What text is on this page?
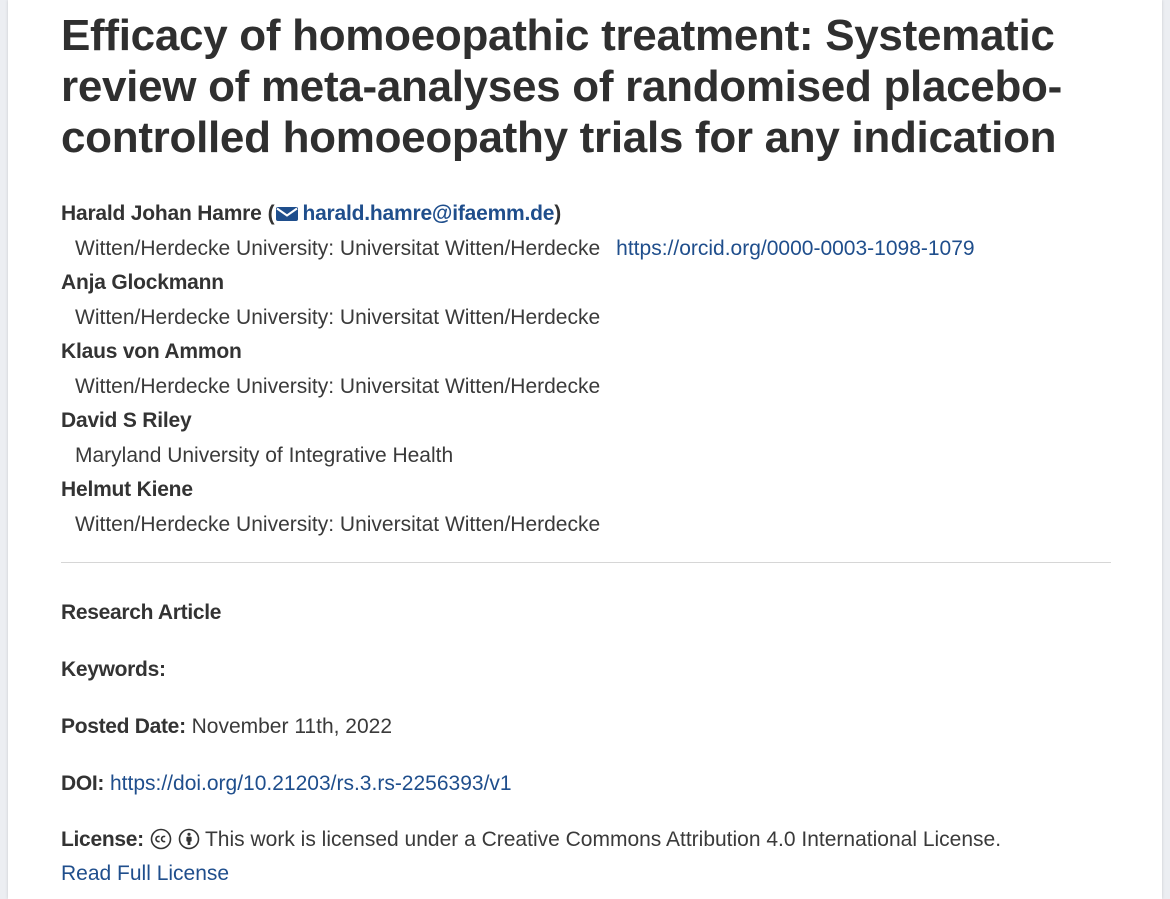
Efficacy of homoeopathic treatment: Systematic review of meta-analyses of randomised placebo-controlled homoeopathy trials for any indication
Harald Johan Hamre ( harald.hamre@ifaemm.de)
Witten/Herdecke University: Universitat Witten/Herdecke https://orcid.org/0000-0003-1098-1079
Anja Glockmann
Witten/Herdecke University: Universitat Witten/Herdecke
Klaus von Ammon
Witten/Herdecke University: Universitat Witten/Herdecke
David S Riley
Maryland University of Integrative Health
Helmut Kiene
Witten/Herdecke University: Universitat Witten/Herdecke
Research Article
Keywords:
Posted Date: November 11th, 2022
DOI: https://doi.org/10.21203/rs.3.rs-2256393/v1
License:	This work is licensed under a Creative Commons Attribution 4.0 International License.
Read Full License
